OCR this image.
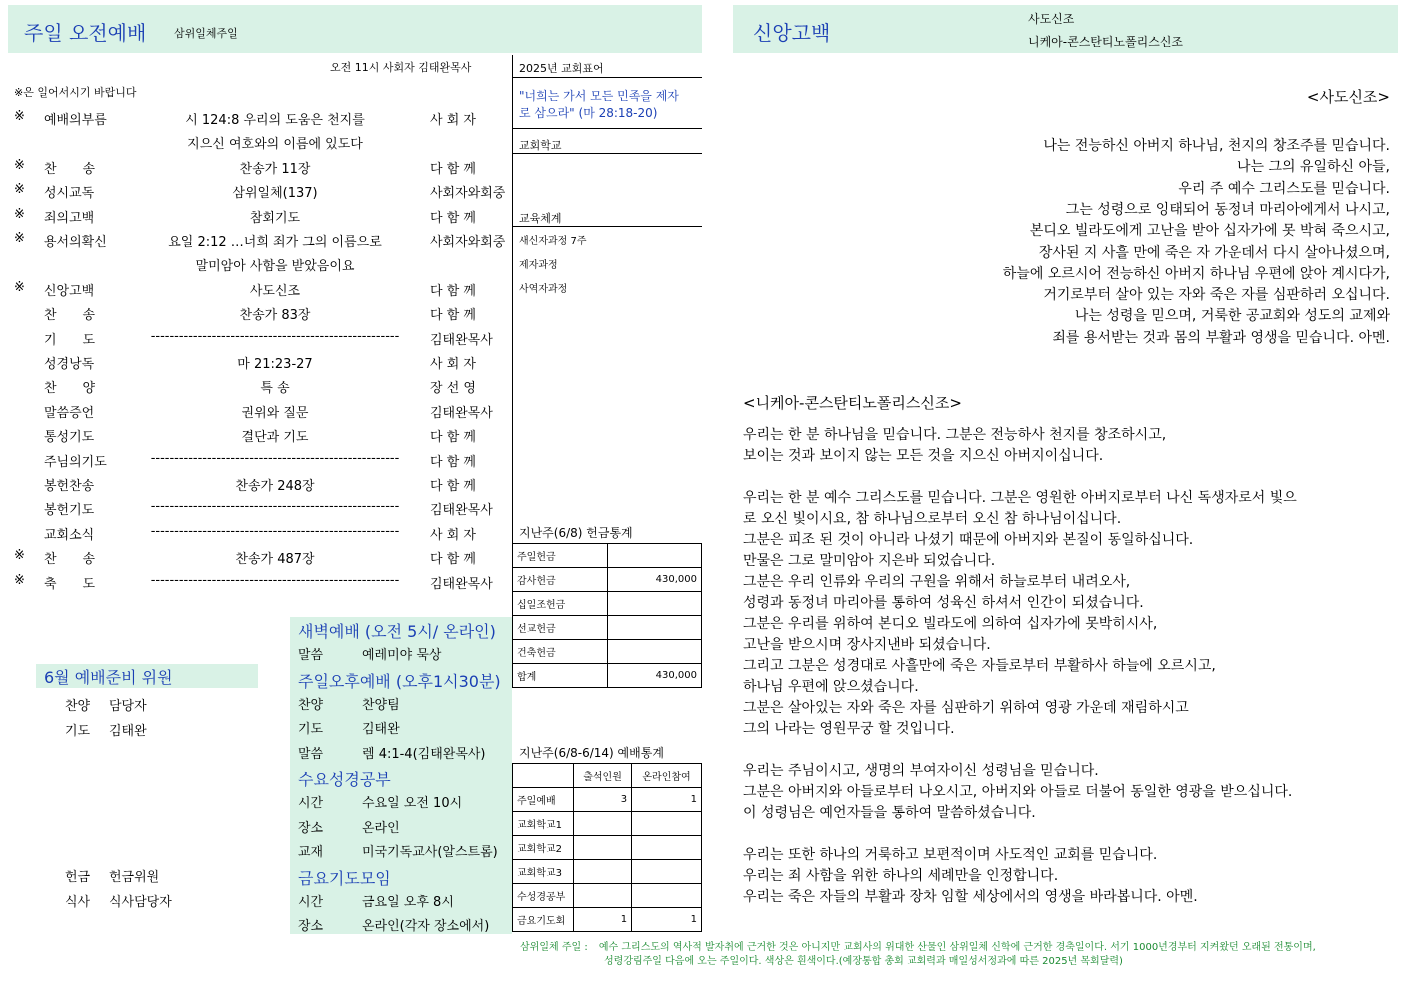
주일 오전예배	삼위일체주일	신앙고백
사도신조
니케아-콘스탄티노폴리스신조
오전 11시 사회자 김태완목사
※은 일어서시기 바랍니다
※ 예배의부름	시 124:8 우리의 도움은 천지를	사 회 자
지으신 여호와의 이름에 있도다
※ 찬　　송	찬송가 11장	다 함 께
※ 성시교독	삼위일체(137)	사회자와회중
※ 죄의고백	참회기도	다 함 께
※ 용서의확신	요일 2:12 …너희 죄가 그의 이름으로	사회자와회중
말미암아 사함을 받았음이요
※ 신앙고백	사도신조	다 함 께
찬　　송	찬송가 83장	다 함 께
기　　도	-----------------------------------------------------	김태완목사
성경낭독	마 21:23-27	사 회 자
찬　　양	특 송	장 선 영
말씀증언	권위와 질문	김태완목사
통성기도	결단과 기도	다 함 께
주님의기도	-----------------------------------------------------	다 함 께
봉헌찬송	찬송가 248장	다 함 께
봉헌기도	-----------------------------------------------------	김태완목사
교회소식	-----------------------------------------------------	사 회 자
※ 찬　　송	찬송가 487장	다 함 께
※ 축　　도	-----------------------------------------------------	김태완목사
2025년 교회표어
"너희는 가서 모든 민족을 제자
로 삼으라" (마 28:18-20)
교회학교
교육체계
새신자과정 7주
제자과정
사역자과정
지난주(6/8) 헌금통계
주일헌금	
감사헌금	430,000
십일조헌금	
선교헌금	
건축헌금	
합계	430,000
지난주(6/8-6/14) 예배통계
	출석인원	온라인참여
주일예배	3	1
교회학교1		
교회학교2		
교회학교3		
수성경공부		
금요기도회	1	1
6월 예배준비 위원
찬양 담당자
기도 김태완
헌금 헌금위원
식사 식사담당자
새벽예배 (오전 5시/ 온라인)
말씀	예레미야 묵상
주일오후예배 (오후1시30분)
찬양	찬양팀
기도	김태완
말씀	렘 4:1-4(김태완목사)
수요성경공부
시간	수요일 오전 10시
장소	온라인
교재	미국기독교사(알스트롬)
금요기도모임
시간	금요일 오후 8시
장소	온라인(각자 장소에서)
<사도신조>
나는 전능하신 아버지 하나님, 천지의 창조주를 믿습니다.
나는 그의 유일하신 아들,
우리 주 예수 그리스도를 믿습니다.
그는 성령으로 잉태되어 동정녀 마리아에게서 나시고,
본디오 빌라도에게 고난을 받아 십자가에 못 박혀 죽으시고,
장사된 지 사흘 만에 죽은 자 가운데서 다시 살아나셨으며,
하늘에 오르시어 전능하신 아버지 하나님 우편에 앉아 계시다가,
거기로부터 살아 있는 자와 죽은 자를 심판하러 오십니다.
나는 성령을 믿으며, 거룩한 공교회와 성도의 교제와
죄를 용서받는 것과 몸의 부활과 영생을 믿습니다. 아멘.
<니케아-콘스탄티노폴리스신조>
우리는 한 분 하나님을 믿습니다. 그분은 전능하사 천지를 창조하시고,
보이는 것과 보이지 않는 모든 것을 지으신 아버지이십니다.
우리는 한 분 예수 그리스도를 믿습니다. 그분은 영원한 아버지로부터 나신 독생자로서 빛으
로 오신 빛이시요, 참 하나님으로부터 오신 참 하나님이십니다.
그분은 피조 된 것이 아니라 나셨기 때문에 아버지와 본질이 동일하십니다.
만물은 그로 말미암아 지은바 되었습니다.
그분은 우리 인류와 우리의 구원을 위해서 하늘로부터 내려오사,
성령과 동정녀 마리아를 통하여 성육신 하셔서 인간이 되셨습니다.
그분은 우리를 위하여 본디오 빌라도에 의하여 십자가에 못박히시사,
고난을 받으시며 장사지낸바 되셨습니다.
그리고 그분은 성경대로 사흘만에 죽은 자들로부터 부활하사 하늘에 오르시고,
하나님 우편에 앉으셨습니다.
그분은 살아있는 자와 죽은 자를 심판하기 위하여 영광 가운데 재림하시고
그의 나라는 영원무궁 할 것입니다.
우리는 주님이시고, 생명의 부여자이신 성령님을 믿습니다.
그분은 아버지와 아들로부터 나오시고, 아버지와 아들로 더불어 동일한 영광을 받으십니다.
이 성령님은 예언자들을 통하여 말씀하셨습니다.
우리는 또한 하나의 거룩하고 보편적이며 사도적인 교회를 믿습니다.
우리는 죄 사함을 위한 하나의 세례만을 인정합니다.
우리는 죽은 자들의 부활과 장차 임할 세상에서의 영생을 바라봅니다. 아멘.
삼위일체 주일 : 예수 그리스도의 역사적 발자취에 근거한 것은 아니지만 교회사의 위대한 산물인 삼위일체 신학에 근거한 경축일이다. 서기 1000년경부터 지켜왔던 오래된 전통이며,
성령강림주일 다음에 오는 주일이다. 색상은 흰색이다.(예장통합 총회 교회력과 매일성서정과에 따른 2025년 목회달력)
